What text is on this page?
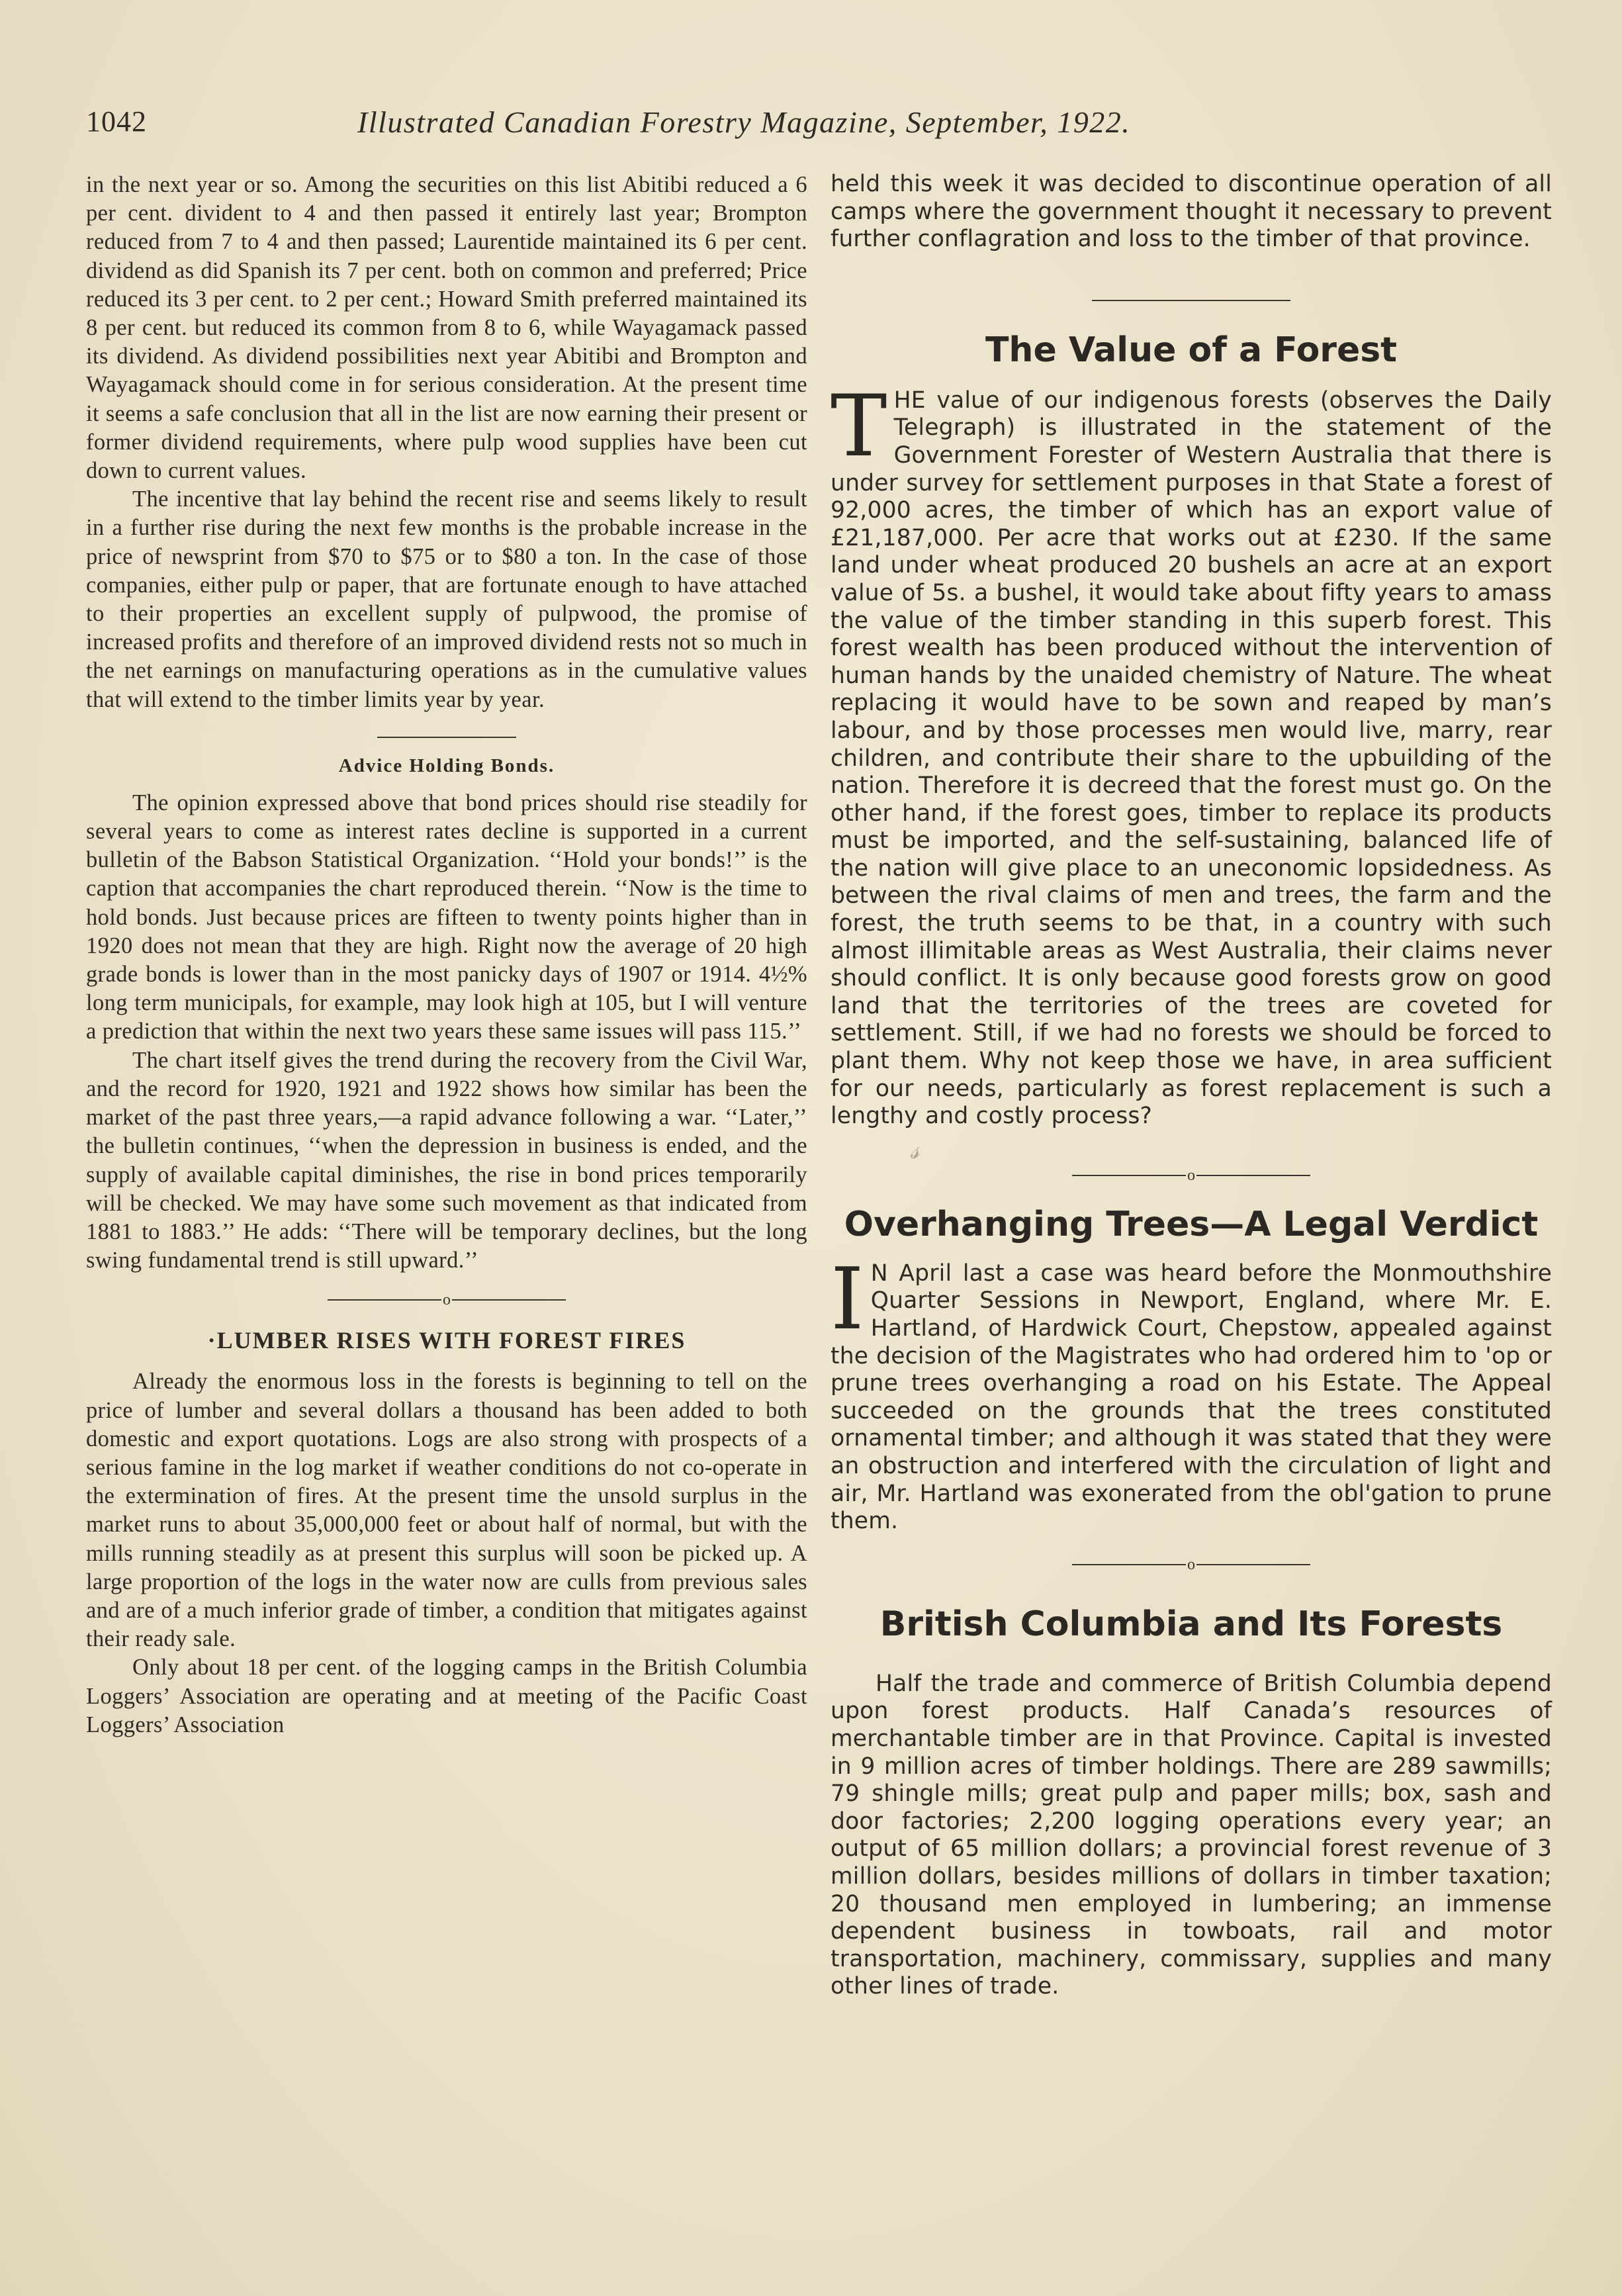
1042	Illustrated Canadian Forestry Magazine, September, 1922.

in the next year or so. Among the securities on this list Abitibi reduced a 6 per cent. divident to 4 and then passed it entirely last year; Brompton reduced from 7 to 4 and then passed; Laurentide maintained its 6 per cent. dividend as did Spanish its 7 per cent. both on common and preferred; Price reduced its 3 per cent. to 2 per cent.; Howard Smith preferred maintained its 8 per cent. but reduced its common from 8 to 6, while Wayagamack passed its dividend. As dividend possibilities next year Abitibi and Brompton and Wayagamack should come in for serious consideration. At the present time it seems a safe conclusion that all in the list are now earning their present or former dividend requirements, where pulp wood supplies have been cut down to current values.

The incentive that lay behind the recent rise and seems likely to result in a further rise during the next few months is the probable increase in the price of newsprint from $70 to $75 or to $80 a ton. In the case of those companies, either pulp or paper, that are fortunate enough to have attached to their properties an excellent supply of pulpwood, the promise of increased profits and therefore of an improved dividend rests not so much in the net earnings on manufacturing operations as in the cumulative values that will extend to the timber limits year by year.

Advice Holding Bonds.

The opinion expressed above that bond prices should rise steadily for several years to come as interest rates decline is supported in a current bulletin of the Babson Statistical Organization. ‘‘Hold your bonds!’’ is the caption that accompanies the chart reproduced therein. ‘‘Now is the time to hold bonds. Just because prices are fifteen to twenty points higher than in 1920 does not mean that they are high. Right now the average of 20 high grade bonds is lower than in the most panicky days of 1907 or 1914. 4½% long term municipals, for example, may look high at 105, but I will venture a prediction that within the next two years these same issues will pass 115.’’

The chart itself gives the trend during the recovery from the Civil War, and the record for 1920, 1921 and 1922 shows how similar has been the market of the past three years,—a rapid advance following a war. ‘‘Later,’’ the bulletin continues, ‘‘when the depression in business is ended, and the supply of available capital diminishes, the rise in bond prices temporarily will be checked. We may have some such movement as that indicated from 1881 to 1883.’’ He adds: ‘‘There will be temporary declines, but the long swing fundamental trend is still upward.’’

o
·LUMBER RISES WITH FOREST FIRES

Already the enormous loss in the forests is beginning to tell on the price of lumber and several dollars a thousand has been added to both domestic and export quotations. Logs are also strong with prospects of a serious famine in the log market if weather conditions do not co-operate in the extermination of fires. At the present time the unsold surplus in the market runs to about 35,000,000 feet or about half of normal, but with the mills running steadily as at present this surplus will soon be picked up. A large proportion of the logs in the water now are culls from previous sales and are of a much inferior grade of timber, a condition that mitigates against their ready sale.

Only about 18 per cent. of the logging camps in the British Columbia Loggers’ Association are operating and at meeting of the Pacific Coast Loggers’ Association

held this week it was decided to discontinue operation of all camps where the government thought it necessary to prevent further conflagration and loss to the timber of that province.

The Value of a Forest

THE value of our indigenous forests (observes the Daily Telegraph) is illustrated in the statement of the Government Forester of Western Australia that there is under survey for settlement purposes in that State a forest of 92,000 acres, the timber of which has an export value of £21,187,000. Per acre that works out at £230. If the same land under wheat produced 20 bushels an acre at an export value of 5s. a bushel, it would take about fifty years to amass the value of the timber standing in this superb forest. This forest wealth has been produced without the intervention of human hands by the unaided chemistry of Nature. The wheat replacing it would have to be sown and reaped by man’s labour, and by those processes men would live, marry, rear children, and contribute their share to the upbuilding of the nation. Therefore it is decreed that the forest must go. On the other hand, if the forest goes, timber to replace its products must be imported, and the self-sustaining, balanced life of the nation will give place to an uneconomic lopsidedness. As between the rival claims of men and trees, the farm and the forest, the truth seems to be that, in a country with such almost illimitable areas as West Australia, their claims never should conflict. It is only because good forests grow on good land that the territories of the trees are coveted for settlement. Still, if we had no forests we should be forced to plant them. Why not keep those we have, in area sufficient for our needs, particularly as forest replacement is such a lengthy and costly process?

𝓈
o
Overhanging Trees—A Legal Verdict

I N April last a case was heard before the Monmouthshire Quarter Sessions in Newport, England, where Mr. E. Hartland, of Hardwick Court, Chepstow, appealed against the decision of the Magistrates who had ordered him to 'op or prune trees overhanging a road on his Estate. The Appeal succeeded on the grounds that the trees constituted ornamental timber; and although it was stated that they were an obstruction and interfered with the circulation of light and air, Mr. Hartland was exonerated from the obl'gation to prune them.

o
British Columbia and Its Forests

Half the trade and commerce of British Columbia depend upon forest products. Half Canada’s resources of merchantable timber are in that Province. Capital is invested in 9 million acres of timber holdings. There are 289 sawmills; 79 shingle mills; great pulp and paper mills; box, sash and door factories; 2,200 logging operations every year; an output of 65 million dollars; a provincial forest revenue of 3 million dollars, besides millions of dollars in timber taxation; 20 thousand men employed in lumbering; an immense dependent business in towboats, rail and motor transportation, machinery, commissary, supplies and many other lines of trade.
